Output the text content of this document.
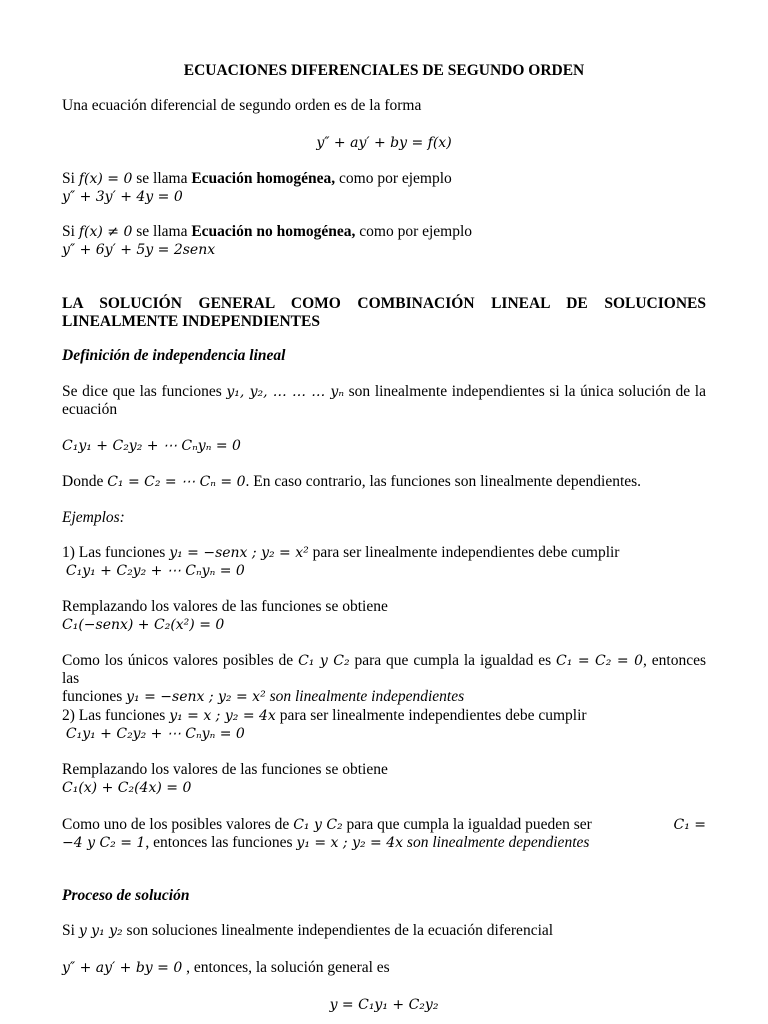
ECUACIONES DIFERENCIALES DE SEGUNDO ORDEN
Una ecuación diferencial de segundo orden es de la forma
y″ + ay′ + by = f(x)
Si f(x) = 0 se llama Ecuación homogénea, como por ejemplo
y″ + 3y′ + 4y = 0
Si f(x) ≠ 0 se llama Ecuación no homogénea, como por ejemplo
y″ + 6y′ + 5y = 2senx
LA SOLUCIÓN GENERAL COMO COMBINACIÓN LINEAL DE SOLUCIONES
LINEALMENTE INDEPENDIENTES
Definición de independencia lineal
Se dice que las funciones y₁, y₂, … … … yₙ son linealmente independientes si la única solución de la ecuación
C₁y₁ + C₂y₂ + ⋯ Cₙyₙ = 0
Donde C₁ = C₂ = ⋯ Cₙ = 0. En caso contrario, las funciones son linealmente dependientes.
Ejemplos:
1) Las funciones y₁ = −senx ; y₂ = x² para ser linealmente independientes debe cumplir
C₁y₁ + C₂y₂ + ⋯ Cₙyₙ = 0
Remplazando los valores de las funciones se obtiene
C₁(−senx) + C₂(x²) = 0
Como los únicos valores posibles de C₁ y C₂ para que cumpla la igualdad es C₁ = C₂ = 0, entonces las
funciones y₁ = −senx ; y₂ = x² son linealmente independientes
2) Las funciones y₁ = x ; y₂ = 4x para ser linealmente independientes debe cumplir
C₁y₁ + C₂y₂ + ⋯ Cₙyₙ = 0
Remplazando los valores de las funciones se obtiene
C₁(x) + C₂(4x) = 0
Como uno de los posibles valores de C₁ y C₂ para que cumpla la igualdad pueden ser	C₁ =
−4 y C₂ = 1, entonces las funciones y₁ = x ; y₂ = 4x son linealmente dependientes
Proceso de solución
Si y y₁ y₂ son soluciones linealmente independientes de la ecuación diferencial
y″ + ay′ + by = 0 , entonces, la solución general es
y = C₁y₁ + C₂y₂
